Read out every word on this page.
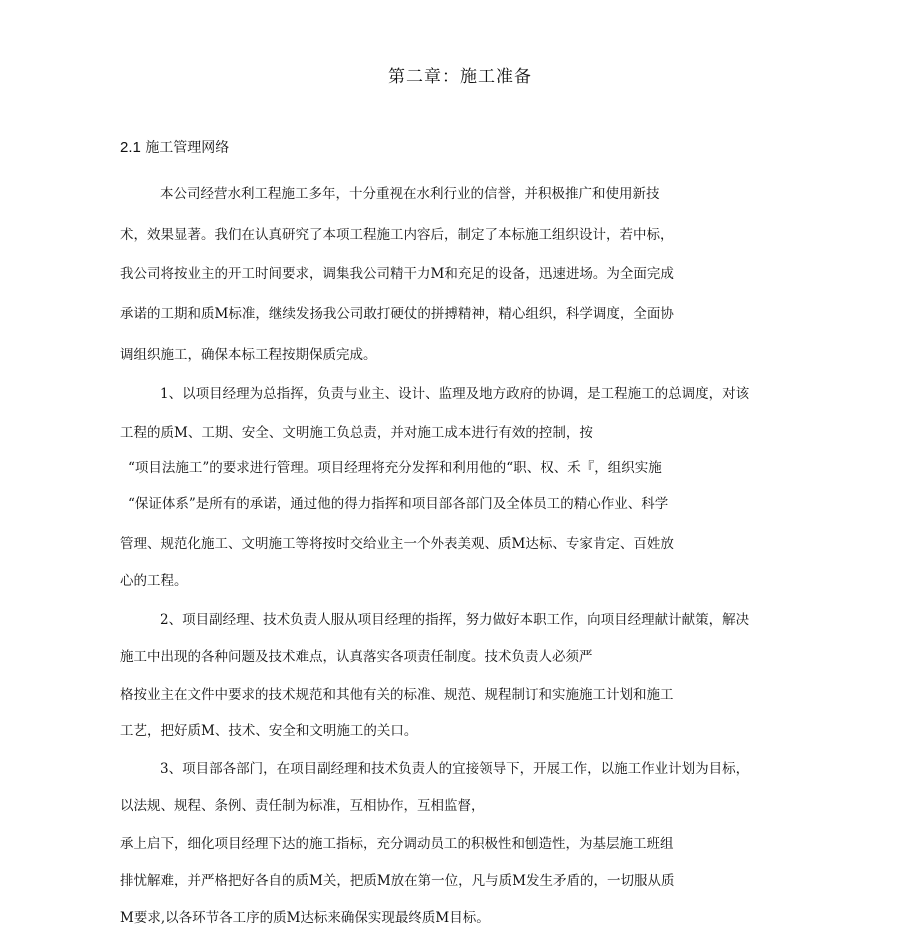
第二章：施工准备
2.1 施工管理网络
本公司经营水利工程施工多年，十分重视在水利行业的信誉，并积极推广和使用新技
术，效果显著。我们在认真研究了本项工程施工内容后，制定了本标施工组织设计，若中标，
我公司将按业主的开工时间要求，调集我公司精干力M和充足的设备，迅速进场。为全面完成
承诺的工期和质M标准，继续发扬我公司敢打硬仗的拼搏精神，精心组织，科学调度，全面协
调组织施工，确保本标工程按期保质完成。
1、以项目经理为总指挥，负责与业主、设计、监理及地方政府的协调，是工程施工的总调度，对该
工程的质M、工期、安全、文明施工负总责，并对施工成本进行有效的控制，按
“项目法施工”的要求进行管理。项目经理将充分发挥和利用他的“职、权、禾『，组织实施
“保证体系”是所有的承诺，通过他的得力指挥和项目部各部门及全体员工的精心作业、科学
管理、规范化施工、文明施工等将按时交给业主一个外表美观、质M达标、专家肯定、百姓放
心的工程。
2、项目副经理、技术负责人服从项目经理的指挥，努力做好本职工作，向项目经理献计献策，解决
施工中出现的各种问题及技术难点，认真落实各项责任制度。技术负责人必须严
格按业主在文件中要求的技术规范和其他有关的标准、规范、规程制订和实施施工计划和施工
工艺，把好质M、技术、安全和文明施工的关口。
3、项目部各部门，在项目副经理和技术负责人的宜接领导下，开展工作，以施工作业计划为目标，
以法规、规程、条例、责任制为标准，互相协作，互相监督，
承上启下，细化项目经理下达的施工指标，充分调动员工的积极性和刨造性，为基层施工班组
排忧解难，并严格把好各自的质M关，把质M放在第一位，凡与质M发生矛盾的，一切服从质
M要求,以各环节各工序的质M达标来确保实现最终质M目标。
